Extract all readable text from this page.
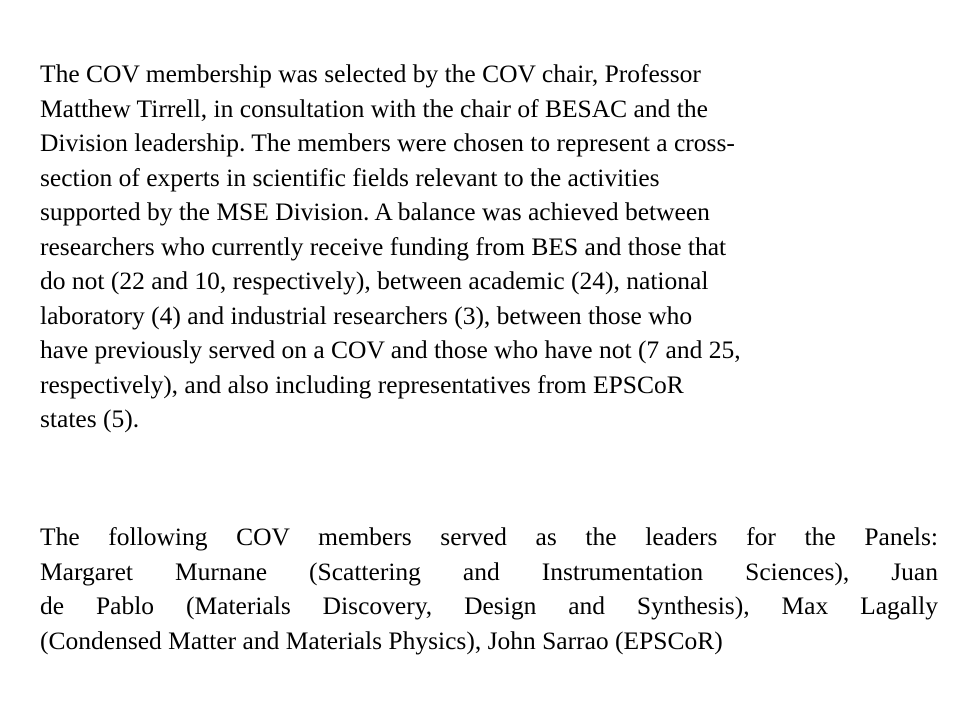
The COV membership was selected by the COV chair, Professor
Matthew Tirrell, in consultation with the chair of BESAC and the
Division leadership. The members were chosen to represent a cross-
section of experts in scientific fields relevant to the activities
supported by the MSE Division. A balance was achieved between
researchers who currently receive funding from BES and those that
do not (22 and 10, respectively), between academic (24), national
laboratory (4) and industrial researchers (3), between those who
have previously served on a COV and those who have not (7 and 25,
respectively), and also including representatives from EPSCoR
states (5).
The following COV members served as the leaders for the Panels:
Margaret Murnane (Scattering and Instrumentation Sciences), Juan
de Pablo (Materials Discovery, Design and Synthesis), Max Lagally
(Condensed Matter and Materials Physics), John Sarrao (EPSCoR)
